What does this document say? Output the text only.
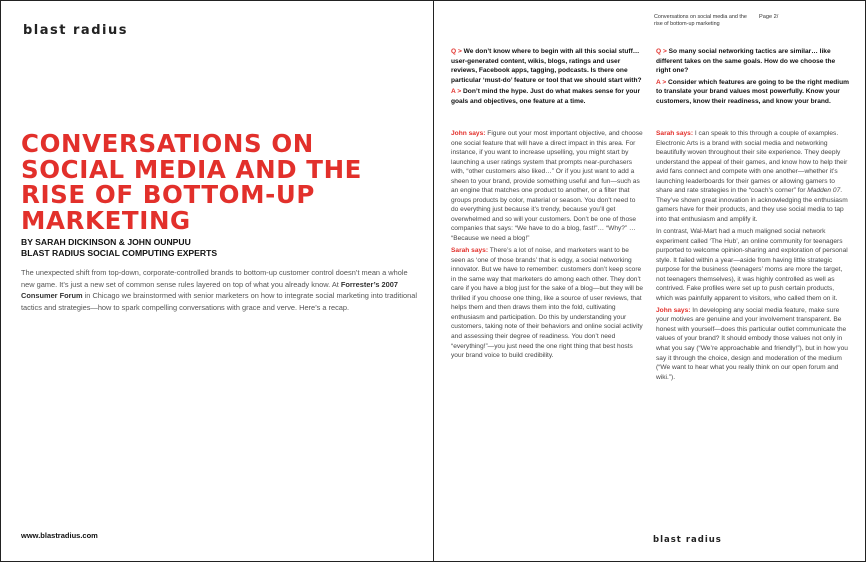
blast radius
CONVERSATIONS ON SOCIAL MEDIA AND THE RISE OF BOTTOM-UP MARKETING
BY SARAH DICKINSON & JOHN OUNPUU
BLAST RADIUS SOCIAL COMPUTING EXPERTS
The unexpected shift from top-down, corporate-controlled brands to bottom-up customer control doesn’t mean a whole new game. It’s just a new set of common sense rules layered on top of what you already know. At Forrester’s 2007 Consumer Forum in Chicago we brainstormed with senior marketers on how to integrate social marketing into traditional tactics and strategies—how to spark compelling conversations with grace and verve. Here’s a recap.
www.blastradius.com
Conversations on social media and the rise of bottom-up marketing
Page 2/

Q > We don’t know where to begin with all this social stuff… user-generated content, wikis, blogs, ratings and user reviews, Facebook apps, tagging, podcasts. Is there one particular ‘must-do’ feature or tool that we should start with?

A > Don’t mind the hype. Just do what makes sense for your goals and objectives, one feature at a time.

Q > So many social networking tactics are similar… like different takes on the same goals. How do we choose the right one?

A > Consider which features are going to be the right medium to translate your brand values most powerfully. Know your customers, know their readiness, and know your brand.

John says: Figure out your most important objective, and choose one social feature that will have a direct impact in this area. For instance, if you want to increase upselling, you might start by launching a user ratings system that prompts near-purchasers with, “other customers also liked…” Or if you just want to add a sheen to your brand, provide something useful and fun—such as an engine that matches one product to another, or a filter that groups products by color, material or season. You don’t need to do everything just because it’s trendy, because you’ll get overwhelmed and so will your customers. Don’t be one of those companies that says: “We have to do a blog, fast!”… “Why?” … “Because we need a blog!”

Sarah says: There’s a lot of noise, and marketers want to be seen as ‘one of those brands’ that is edgy, a social networking innovator. But we have to remember: customers don’t keep score in the same way that marketers do among each other. They don’t care if you have a blog just for the sake of a blog—but they will be thrilled if you choose one thing, like a source of user reviews, that helps them and then draws them into the fold, cultivating enthusiasm and participation. Do this by understanding your customers, taking note of their behaviors and online social activity and assessing their degree of readiness. You don’t need “everything!”—you just need the one right thing that best hosts your brand voice to build credibility.

Sarah says: I can speak to this through a couple of examples. Electronic Arts is a brand with social media and networking beautifully woven throughout their site experience. They deeply understand the appeal of their games, and know how to help their avid fans connect and compete with one another—whether it’s launching leaderboards for their games or allowing gamers to share and rate strategies in the “coach’s corner” for Madden 07. They’ve shown great innovation in acknowledging the enthusiasm gamers have for their products, and they use social media to tap into that enthusiasm and amplify it.

In contrast, Wal-Mart had a much maligned social network experiment called ‘The Hub’, an online community for teenagers purported to welcome opinion-sharing and exploration of personal style. It failed within a year—aside from having little strategic purpose for the business (teenagers’ moms are more the target, not teenagers themselves), it was highly controlled as well as contrived. Fake profiles were set up to push certain products, which was painfully apparent to visitors, who called them on it.

John says: In developing any social media feature, make sure your motives are genuine and your involvement transparent. Be honest with yourself—does this particular outlet communicate the values of your brand? It should embody those values not only in what you say (“We’re approachable and friendly!”), but in how you say it through the choice, design and moderation of the medium (“We want to hear what you really think on our open forum and wiki.”).

blast radius
